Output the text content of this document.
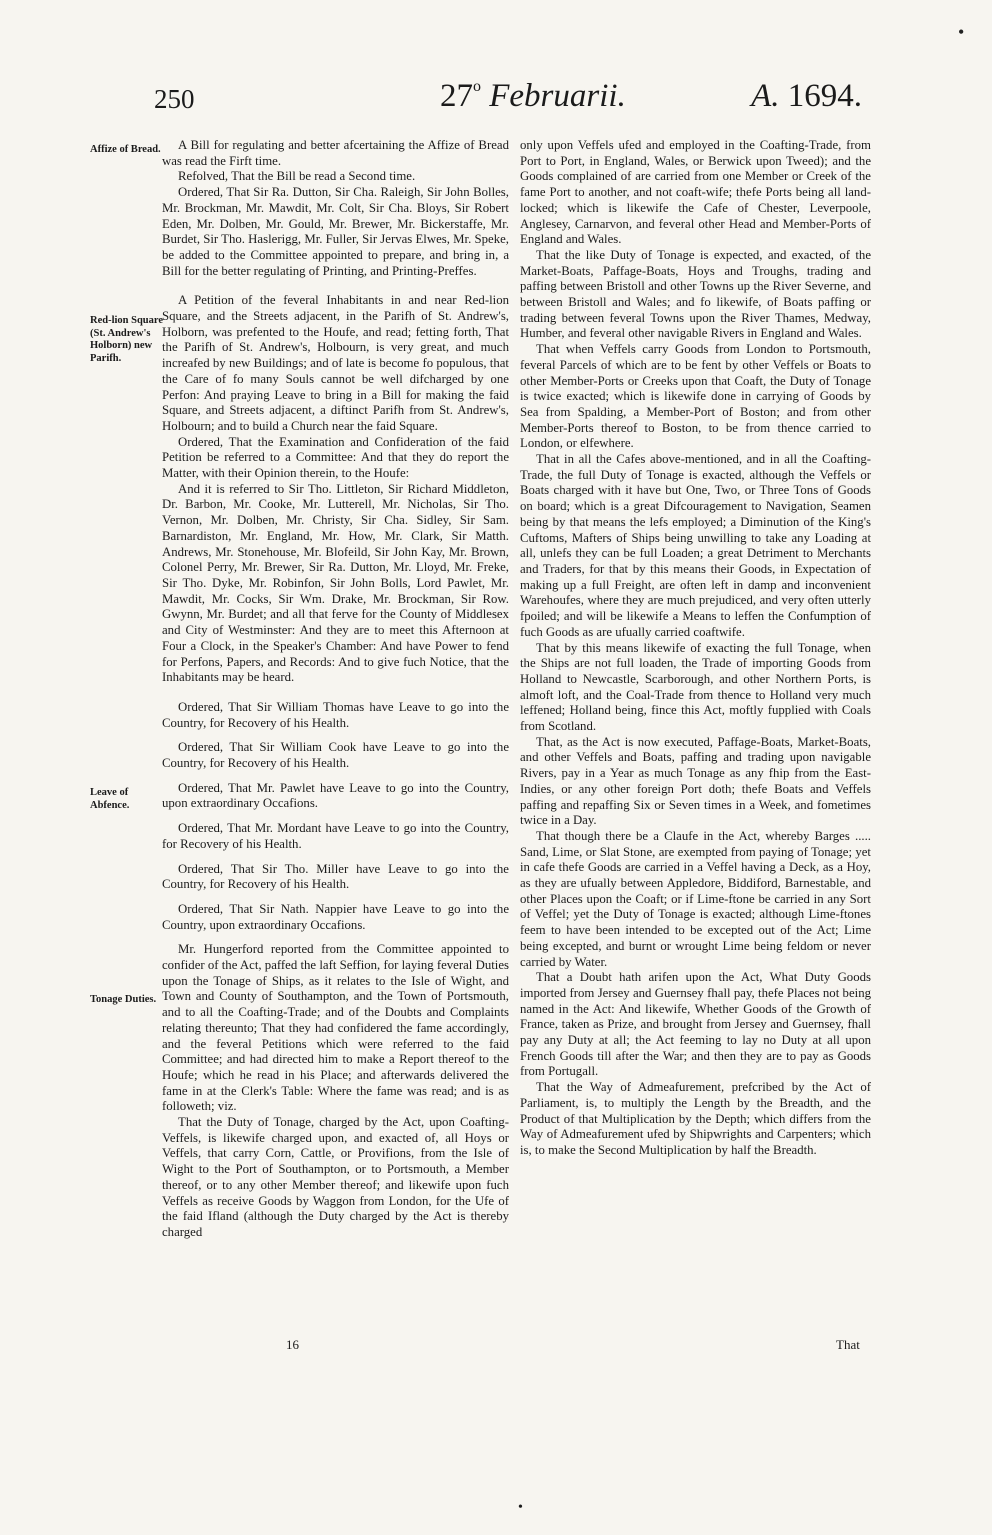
•
250	27$^o$ Februarii.	A. 1694.
Affize of Bread.
Red-lion Square (St. Andrew's Holborn) new Parifh.
Leave of Abfence.
Tonage Duties.

A Bill for regulating and better afcertaining the Affize of Bread was read the Firft time.

Refolved, That the Bill be read a Second time.

Ordered, That Sir Ra. Dutton, Sir Cha. Raleigh, Sir John Bolles, Mr. Brockman, Mr. Mawdit, Mr. Colt, Sir Cha. Bloys, Sir Robert Eden, Mr. Dolben, Mr. Gould, Mr. Brewer, Mr. Bickerstaffe, Mr. Burdet, Sir Tho. Haslerigg, Mr. Fuller, Sir Jervas Elwes, Mr. Speke, be added to the Committee appointed to prepare, and bring in, a Bill for the better regulating of Printing, and Printing-Preffes.

A Petition of the feveral Inhabitants in and near Red-lion Square, and the Streets adjacent, in the Parifh of St. Andrew's, Holborn, was prefented to the Houfe, and read; fetting forth, That the Parifh of St. Andrew's, Holbourn, is very great, and much increafed by new Buildings; and of late is become fo populous, that the Care of fo many Souls cannot be well difcharged by one Perfon: And praying Leave to bring in a Bill for making the faid Square, and Streets adjacent, a diftinct Parifh from St. Andrew's, Holbourn; and to build a Church near the faid Square.

Ordered, That the Examination and Confideration of the faid Petition be referred to a Committee: And that they do report the Matter, with their Opinion therein, to the Houfe:

And it is referred to Sir Tho. Littleton, Sir Richard Middleton, Dr. Barbon, Mr. Cooke, Mr. Lutterell, Mr. Nicholas, Sir Tho. Vernon, Mr. Dolben, Mr. Christy, Sir Cha. Sidley, Sir Sam. Barnardiston, Mr. England, Mr. How, Mr. Clark, Sir Matth. Andrews, Mr. Stonehouse, Mr. Blofeild, Sir John Kay, Mr. Brown, Colonel Perry, Mr. Brewer, Sir Ra. Dutton, Mr. Lloyd, Mr. Freke, Sir Tho. Dyke, Mr. Robinfon, Sir John Bolls, Lord Pawlet, Mr. Mawdit, Mr. Cocks, Sir Wm. Drake, Mr. Brockman, Sir Row. Gwynn, Mr. Burdet; and all that ferve for the County of Middlesex and City of Westminster: And they are to meet this Afternoon at Four a Clock, in the Speaker's Chamber: And have Power to fend for Perfons, Papers, and Records: And to give fuch Notice, that the Inhabitants may be heard.

Ordered, That Sir William Thomas have Leave to go into the Country, for Recovery of his Health.

Ordered, That Sir William Cook have Leave to go into the Country, for Recovery of his Health.

Ordered, That Mr. Pawlet have Leave to go into the Country, upon extraordinary Occafions.

Ordered, That Mr. Mordant have Leave to go into the Country, for Recovery of his Health.

Ordered, That Sir Tho. Miller have Leave to go into the Country, for Recovery of his Health.

Ordered, That Sir Nath. Nappier have Leave to go into the Country, upon extraordinary Occafions.

Mr. Hungerford reported from the Committee appointed to confider of the Act, paffed the laft Seffion, for laying feveral Duties upon the Tonage of Ships, as it relates to the Isle of Wight, and Town and County of Southampton, and the Town of Portsmouth, and to all the Coafting-Trade; and of the Doubts and Complaints relating thereunto; That they had confidered the fame accordingly, and the feveral Petitions which were referred to the faid Committee; and had directed him to make a Report thereof to the Houfe; which he read in his Place; and afterwards delivered the fame in at the Clerk's Table: Where the fame was read; and is as followeth; viz.

That the Duty of Tonage, charged by the Act, upon Coafting-Veffels, is likewife charged upon, and exacted of, all Hoys or Veffels, that carry Corn, Cattle, or Provifions, from the Isle of Wight to the Port of Southampton, or to Portsmouth, a Member thereof, or to any other Member thereof; and likewife upon fuch Veffels as receive Goods by Waggon from London, for the Ufe of the faid Ifland (although the Duty charged by the Act is thereby charged

only upon Veffels ufed and employed in the Coafting-Trade, from Port to Port, in England, Wales, or Berwick upon Tweed); and the Goods complained of are carried from one Member or Creek of the fame Port to another, and not coaft-wife; thefe Ports being all land-locked; which is likewife the Cafe of Chester, Leverpoole, Anglesey, Carnarvon, and feveral other Head and Member-Ports of England and Wales.

That the like Duty of Tonage is expected, and exacted, of the Market-Boats, Paffage-Boats, Hoys and Troughs, trading and paffing between Bristoll and other Towns up the River Severne, and between Bristoll and Wales; and fo likewife, of Boats paffing or trading between feveral Towns upon the River Thames, Medway, Humber, and feveral other navigable Rivers in England and Wales.

That when Veffels carry Goods from London to Portsmouth, feveral Parcels of which are to be fent by other Veffels or Boats to other Member-Ports or Creeks upon that Coaft, the Duty of Tonage is twice exacted; which is likewife done in carrying of Goods by Sea from Spalding, a Member-Port of Boston; and from other Member-Ports thereof to Boston, to be from thence carried to London, or elfewhere.

That in all the Cafes above-mentioned, and in all the Coafting-Trade, the full Duty of Tonage is exacted, although the Veffels or Boats charged with it have but One, Two, or Three Tons of Goods on board; which is a great Difcouragement to Navigation, Seamen being by that means the lefs employed; a Diminution of the King's Cuftoms, Mafters of Ships being unwilling to take any Loading at all, unlefs they can be full Loaden; a great Detriment to Merchants and Traders, for that by this means their Goods, in Expectation of making up a full Freight, are often left in damp and inconvenient Warehoufes, where they are much prejudiced, and very often utterly fpoiled; and will be likewife a Means to leffen the Confumption of fuch Goods as are ufually carried coaftwife.

That by this means likewife of exacting the full Tonage, when the Ships are not full loaden, the Trade of importing Goods from Holland to Newcastle, Scarborough, and other Northern Ports, is almoft loft, and the Coal-Trade from thence to Holland very much leffened; Holland being, fince this Act, moftly fupplied with Coals from Scotland.

That, as the Act is now executed, Paffage-Boats, Market-Boats, and other Veffels and Boats, paffing and trading upon navigable Rivers, pay in a Year as much Tonage as any fhip from the East-Indies, or any other foreign Port doth; thefe Boats and Veffels paffing and repaffing Six or Seven times in a Week, and fometimes twice in a Day.

That though there be a Claufe in the Act, whereby Barges ..... Sand, Lime, or Slat Stone, are exempted from paying of Tonage; yet in cafe thefe Goods are carried in a Veffel having a Deck, as a Hoy, as they are ufually between Appledore, Biddiford, Barnestable, and other Places upon the Coaft; or if Lime-ftone be carried in any Sort of Veffel; yet the Duty of Tonage is exacted; although Lime-ftones feem to have been intended to be excepted out of the Act; Lime being excepted, and burnt or wrought Lime being feldom or never carried by Water.

That a Doubt hath arifen upon the Act, What Duty Goods imported from Jersey and Guernsey fhall pay, thefe Places not being named in the Act: And likewife, Whether Goods of the Growth of France, taken as Prize, and brought from Jersey and Guernsey, fhall pay any Duty at all; the Act feeming to lay no Duty at all upon French Goods till after the War; and then they are to pay as Goods from Portugall.

That the Way of Admeafurement, prefcribed by the Act of Parliament, is, to multiply the Length by the Breadth, and the Product of that Multiplication by the Depth; which differs from the Way of Admeafurement ufed by Shipwrights and Carpenters; which is, to make the Second Multiplication by half the Breadth.

16	That
•
